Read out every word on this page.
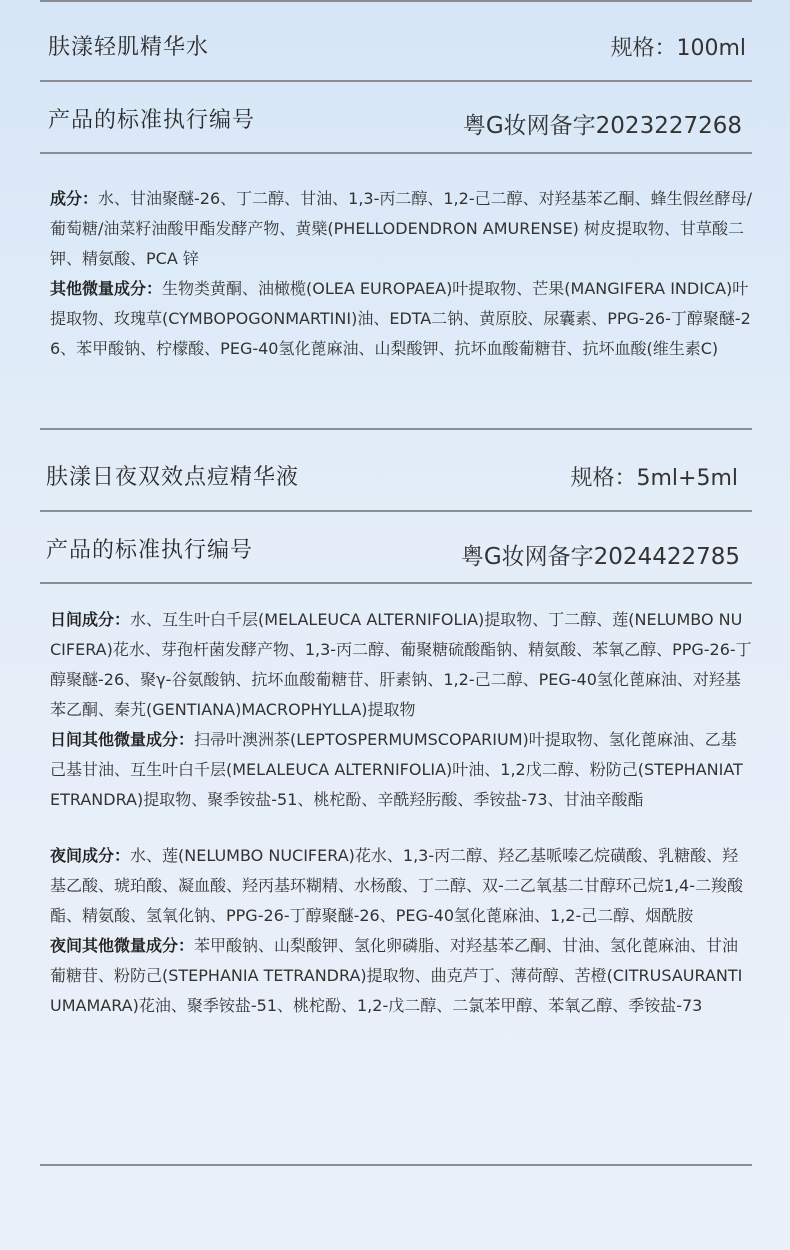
肤漾轻肌精华水	规格：100ml
产品的标准执行编号	粤G妆网备字2023227268

成分：水、甘油聚醚-26、丁二醇、甘油、1,3-丙二醇、1,2-己二醇、对羟基苯乙酮、蜂生假丝酵母/葡萄糖/油菜籽油酸甲酯发酵产物、黄檗(PHELLODENDRON AMURENSE) 树皮提取物、甘草酸二钾、精氨酸、PCA 锌

其他微量成分：生物类黄酮、油橄榄(OLEA EUROPAEA)叶提取物、芒果(MANGIFERA INDICA)叶提取物、玫瑰草(CYMBOPOGONMARTINI)油、EDTA二钠、黄原胶、尿囊素、PPG-26-丁醇聚醚-26、苯甲酸钠、柠檬酸、PEG-40氢化蓖麻油、山梨酸钾、抗坏血酸葡糖苷、抗坏血酸(维生素C)

肤漾日夜双效点痘精华液	规格：5ml+5ml
产品的标准执行编号	粤G妆网备字2024422785

日间成分：水、互生叶白千层(MELALEUCA ALTERNIFOLIA)提取物、丁二醇、莲(NELUMBO NUCIFERA)花水、芽孢杆菌发酵产物、1,3-丙二醇、葡聚糖硫酸酯钠、精氨酸、苯氧乙醇、PPG-26-丁醇聚醚-26、聚γ-谷氨酸钠、抗坏血酸葡糖苷、肝素钠、1,2-己二醇、PEG-40氢化蓖麻油、对羟基苯乙酮、秦艽(GENTIANA)MACROPHYLLA)提取物

日间其他微量成分：扫帚叶澳洲茶(LEPTOSPERMUMSCOPARIUM)叶提取物、氢化蓖麻油、乙基己基甘油、互生叶白千层(MELALEUCA ALTERNIFOLIA)叶油、1,2戊二醇、粉防己(STEPHANIATETRANDRA)提取物、聚季铵盐-51、桃柁酚、辛酰羟肟酸、季铵盐-73、甘油辛酸酯

夜间成分：水、莲(NELUMBO NUCIFERA)花水、1,3-丙二醇、羟乙基哌嗪乙烷磺酸、乳糖酸、羟基乙酸、琥珀酸、凝血酸、羟丙基环糊精、水杨酸、丁二醇、双-二乙氧基二甘醇环己烷1,4-二羧酸酯、精氨酸、氢氧化钠、PPG-26-丁醇聚醚-26、PEG-40氢化蓖麻油、1,2-己二醇、烟酰胺

夜间其他微量成分：苯甲酸钠、山梨酸钾、氢化卵磷脂、对羟基苯乙酮、甘油、氢化蓖麻油、甘油葡糖苷、粉防己(STEPHANIA TETRANDRA)提取物、曲克芦丁、薄荷醇、苦橙(CITRUSAURANTIUMAMARA)花油、聚季铵盐-51、桃柁酚、1,2-戊二醇、二氯苯甲醇、苯氧乙醇、季铵盐-73
